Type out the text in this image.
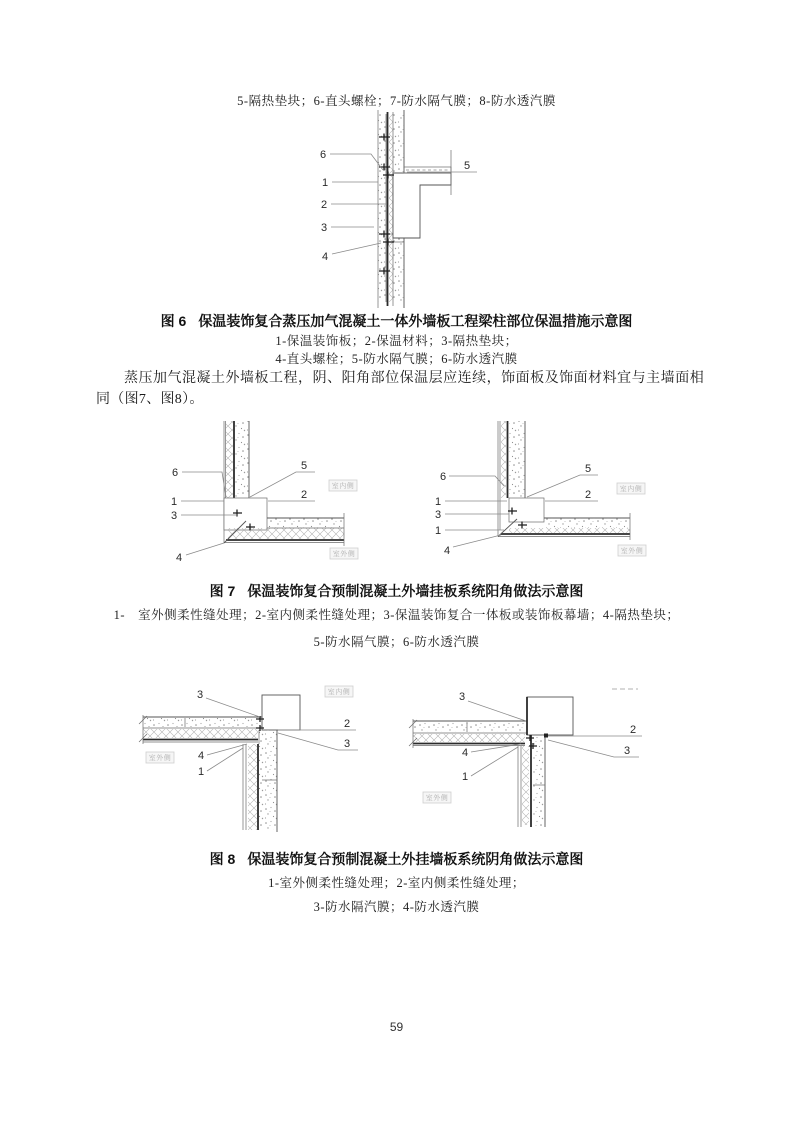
5-隔热垫块；6-直头螺栓；7-防水隔气膜；8-防水透汽膜
6
1
2
3
4
5
图 6 保温装饰复合蒸压加气混凝土一体外墙板工程梁柱部位保温措施示意图
1-保温装饰板；2-保温材料；3-隔热垫块；
4-直头螺栓；5-防水隔气膜；6-防水透汽膜
蒸压加气混凝土外墙板工程，阴、阳角部位保温层应连续，饰面板及饰面材料宜与主墙面相同（图7、图8）。
6
1
3
4
5
2
室内侧
室外侧
6
1
3
1
4
5
2	室内侧
室外侧
图 7 保温装饰复合预制混凝土外墙挂板系统阳角做法示意图
1-　室外侧柔性缝处理；2-室内侧柔性缝处理；3-保温装饰复合一体板或装饰板幕墙；4-隔热垫块；
5-防水隔气膜；6-防水透汽膜
3
2
3
4
1
室内侧
室外侧
3
2
3
4
1
室外侧
图 8 保温装饰复合预制混凝土外挂墙板系统阴角做法示意图
1-室外侧柔性缝处理；2-室内侧柔性缝处理；
3-防水隔汽膜；4-防水透汽膜
59
